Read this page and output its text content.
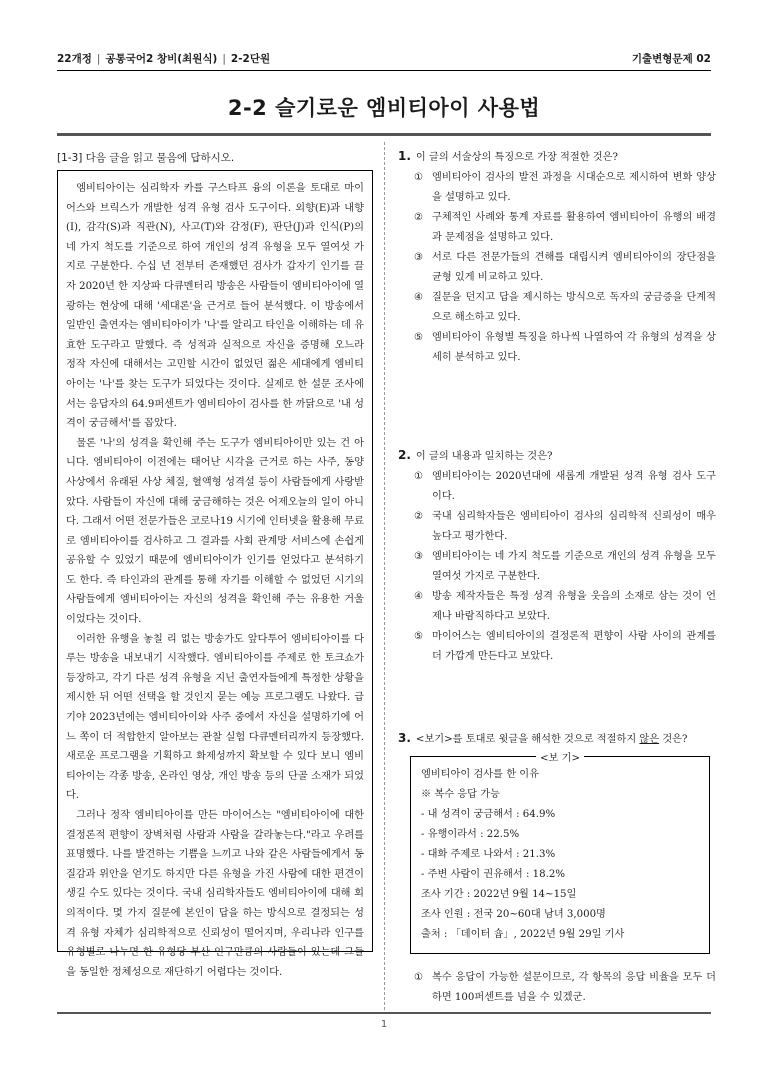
22개정 | 공통국어2 창비(최원식) | 2-2단원	기출변형문제 02
2-2 슬기로운 엠비티아이 사용법
[1-3] 다음 글을 읽고 물음에 답하시오.

엠비티아이는 심리학자 카를 구스타프 융의 이론을 토대로 마이어스와 브릭스가 개발한 성격 유형 검사 도구이다. 외향(E)과 내향(I), 감각(S)과 직관(N), 사고(T)와 감정(F), 판단(J)과 인식(P)의 네 가지 척도를 기준으로 하여 개인의 성격 유형을 모두 열여섯 가지로 구분한다. 수십 년 전부터 존재했던 검사가 갑자기 인기를 끌자 2020년 한 지상파 다큐멘터리 방송은 사람들이 엠비티아이에 열광하는 현상에 대해 '세대론'을 근거로 들어 분석했다. 이 방송에서 일반인 출연자는 엠비티아이가 '나'를 알리고 타인을 이해하는 데 유효한 도구라고 말했다. 즉 성적과 실적으로 자신을 증명해 오느라 정작 자신에 대해서는 고민할 시간이 없었던 젊은 세대에게 엠비티아이는 '나'를 찾는 도구가 되었다는 것이다. 실제로 한 설문 조사에서는 응답자의 64.9퍼센트가 엠비티아이 검사를 한 까닭으로 '내 성격이 궁금해서'를 꼽았다.

물론 '나'의 성격을 확인해 주는 도구가 엠비티아이만 있는 건 아니다. 엠비티아이 이전에는 태어난 시각을 근거로 하는 사주, 동양 사상에서 유래된 사상 체질, 혈액형 성격설 등이 사람들에게 사랑받았다. 사람들이 자신에 대해 궁금해하는 것은 어제오늘의 일이 아니다. 그래서 어떤 전문가들은 코로나19 시기에 인터넷을 활용해 무료로 엠비티아이를 검사하고 그 결과를 사회 관계망 서비스에 손쉽게 공유할 수 있었기 때문에 엠비티아이가 인기를 얻었다고 분석하기도 한다. 즉 타인과의 관계를 통해 자기를 이해할 수 없었던 시기의 사람들에게 엠비티아이는 자신의 성격을 확인해 주는 유용한 거울이었다는 것이다.

이러한 유행을 놓칠 리 없는 방송가도 앞다투어 엠비티아이를 다루는 방송을 내보내기 시작했다. 엠비티아이를 주제로 한 토크쇼가 등장하고, 각기 다른 성격 유형을 지닌 출연자들에게 특정한 상황을 제시한 뒤 어떤 선택을 할 것인지 묻는 예능 프로그램도 나왔다. 급기야 2023년에는 엠비티아이와 사주 중에서 자신을 설명하기에 어느 쪽이 더 적합한지 알아보는 관찰 실험 다큐멘터리까지 등장했다. 새로운 프로그램을 기획하고 화제성까지 확보할 수 있다 보니 엠비티아이는 각종 방송, 온라인 영상, 개인 방송 등의 단골 소재가 되었다.

그러나 정작 엠비티아이를 만든 마이어스는 "엠비티아이에 대한 결정론적 편향이 장벽처럼 사람과 사람을 갈라놓는다."라고 우려를 표명했다. 나를 발견하는 기쁨을 느끼고 나와 같은 사람들에게서 동질감과 위안을 얻기도 하지만 다른 유형을 가진 사람에 대한 편견이 생길 수도 있다는 것이다. 국내 심리학자들도 엠비티아이에 대해 회의적이다. 몇 가지 질문에 본인이 답을 하는 방식으로 결정되는 성격 유형 자체가 심리학적으로 신뢰성이 떨어지며, 우리나라 인구를 유형별로 나누면 한 유형당 부산 인구만큼의 사람들이 있는데 그들을 동일한 정체성으로 재단하기 어렵다는 것이다.

1. 이 글의 서술상의 특징으로 가장 적절한 것은?
① 엠비티아이 검사의 발전 과정을 시대순으로 제시하여 변화 양상을 설명하고 있다.
② 구체적인 사례와 통계 자료를 활용하여 엠비티아이 유행의 배경과 문제점을 설명하고 있다.
③ 서로 다른 전문가들의 견해를 대립시켜 엠비티아이의 장단점을 균형 있게 비교하고 있다.
④ 질문을 던지고 답을 제시하는 방식으로 독자의 궁금증을 단계적으로 해소하고 있다.
⑤ 엠비티아이 유형별 특징을 하나씩 나열하여 각 유형의 성격을 상세히 분석하고 있다.
2. 이 글의 내용과 일치하는 것은?
① 엠비티아이는 2020년대에 새롭게 개발된 성격 유형 검사 도구이다.
② 국내 심리학자들은 엠비티아이 검사의 심리학적 신뢰성이 매우 높다고 평가한다.
③ 엠비티아이는 네 가지 척도를 기준으로 개인의 성격 유형을 모두 열여섯 가지로 구분한다.
④ 방송 제작자들은 특정 성격 유형을 웃음의 소재로 삼는 것이 언제나 바람직하다고 보았다.
⑤ 마이어스는 엠비티아이의 결정론적 편향이 사람 사이의 관계를 더 가깝게 만든다고 보았다.
3. <보기>를 토대로 윗글을 해석한 것으로 적절하지 않은 것은?
<보 기>
엠비티아이 검사를 한 이유
※ 복수 응답 가능
- 내 성격이 궁금해서 : 64.9%
- 유행이라서 : 22.5%
- 대화 주제로 나와서 : 21.3%
- 주변 사람이 권유해서 : 18.2%
조사 기간 : 2022년 9월 14~15일
조사 인원 : 전국 20~60대 남녀 3,000명
출처 : 「데이터 숍」, 2022년 9월 29일 기사
① 복수 응답이 가능한 설문이므로, 각 항목의 응답 비율을 모두 더하면 100퍼센트를 넘을 수 있겠군.
1
